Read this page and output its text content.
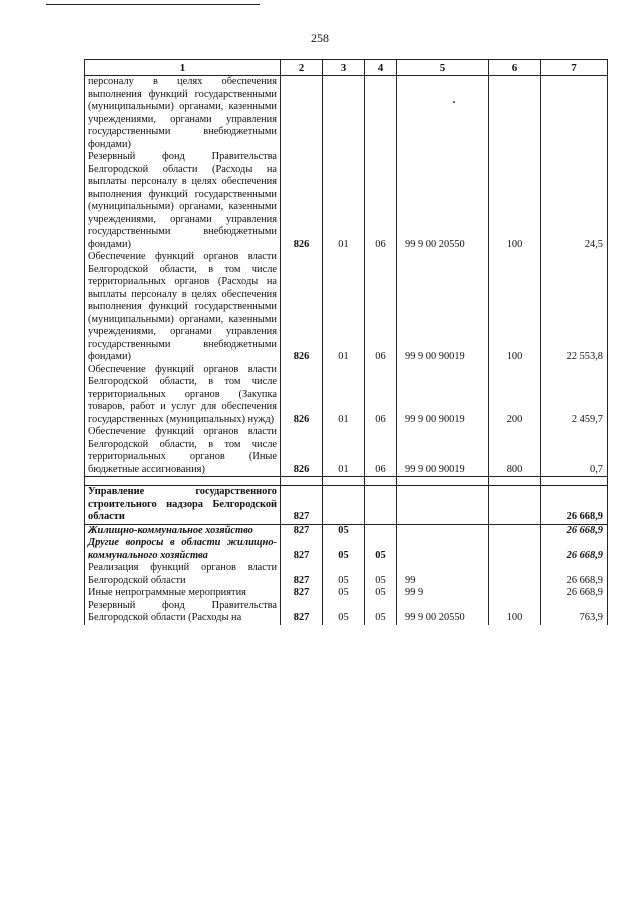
258
1	2	3	4	5	6	7
персоналу в целях обеспечения выполнения функций государственными (муниципальными) органами, казенными учреждениями, органами управления государственными внебюджетными фондами)						
Резервный фонд Правительства Белгородской области (Расходы на выплаты персоналу в целях обеспечения выполнения функций государственными (муниципальными) органами, казенными учреждениями, органами управления государственными внебюджетными фондами)	826	01	06	99 9 00 20550	100	24,5
Обеспечение функций органов власти Белгородской области, в том числе территориальных органов (Расходы на выплаты персоналу в целях обеспечения выполнения функций государственными (муниципальными) органами, казенными учреждениями, органами управления государственными внебюджетными фондами)	826	01	06	99 9 00 90019	100	22 553,8
Обеспечение функций органов власти Белгородской области, в том числе территориальных органов (Закупка товаров, работ и услуг для обеспечения государственных (муниципальных) нужд)	826	01	06	99 9 00 90019	200	2 459,7
Обеспечение функций органов власти Белгородской области, в том числе территориальных органов (Иные бюджетные ассигнования)	826	01	06	99 9 00 90019	800	0,7

Управление государственного строительного надзора Белгородской области	827					26 668,9
Жилищно-коммунальное хозяйство	827	05				26 668,9
Другие вопросы в области жилищно-коммунального хозяйства	827	05	05			26 668,9
Реализация функций органов власти Белгородской области	827	05	05	99		26 668,9
Иные непрограммные мероприятия	827	05	05	99 9		26 668,9
Резервный фонд Правительства Белгородской области (Расходы на	827	05	05	99 9 00 20550	100	763,9
